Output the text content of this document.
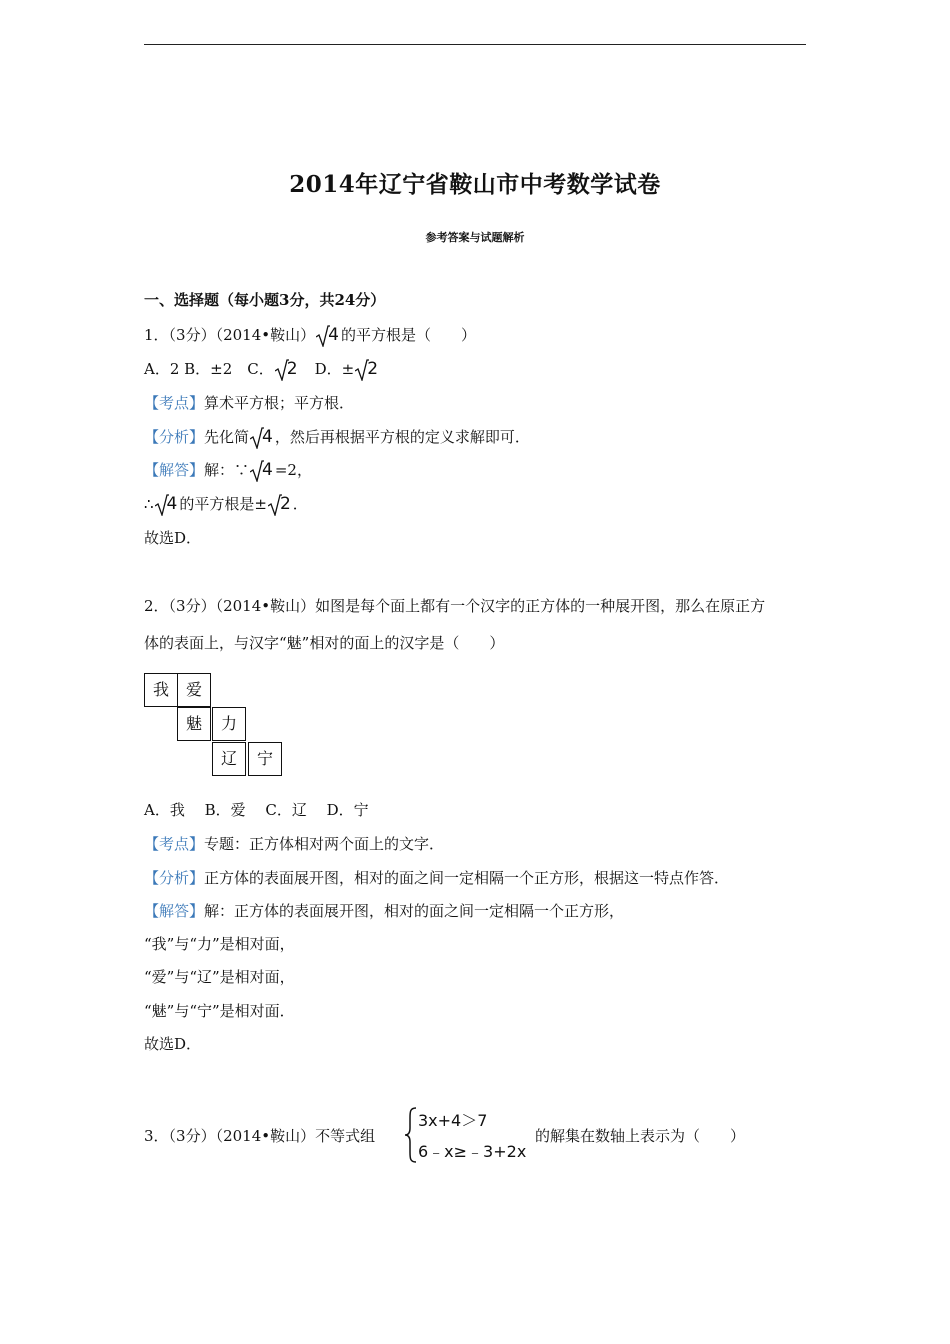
2014年辽宁省鞍山市中考数学试卷
参考答案与试题解析
一、选择题（每小题3分，共24分）
1．（3分）（2014•鞍山） 4 的平方根是（　　）
A．2 B．±2　C． 2　D．± 2
【考点】算术平方根；平方根．
【分析】先化简 4 ，然后再根据平方根的定义求解即可．
【解答】解：∵ 4 =2，
∴ 4 的平方根是± 2 ．
故选D．
2．（3分）（2014•鞍山）如图是每个面上都有一个汉字的正方体的一种展开图，那么在原正方
体的表面上，与汉字“魅”相对的面上的汉字是（　　）
我	爱
魅	力
辽	宁
A．我　 B．爱　 C．辽　 D．宁
【考点】专题：正方体相对两个面上的文字．
【分析】正方体的表面展开图，相对的面之间一定相隔一个正方形，根据这一特点作答．
【解答】解：正方体的表面展开图，相对的面之间一定相隔一个正方形，
“我”与“力”是相对面，
“爱”与“辽”是相对面，
“魅”与“宁”是相对面．
故选D．
3．（3分）（2014•鞍山）不等式组
3x+4＞7
6﹣x≥﹣3+2x
的解集在数轴上表示为（　　）
